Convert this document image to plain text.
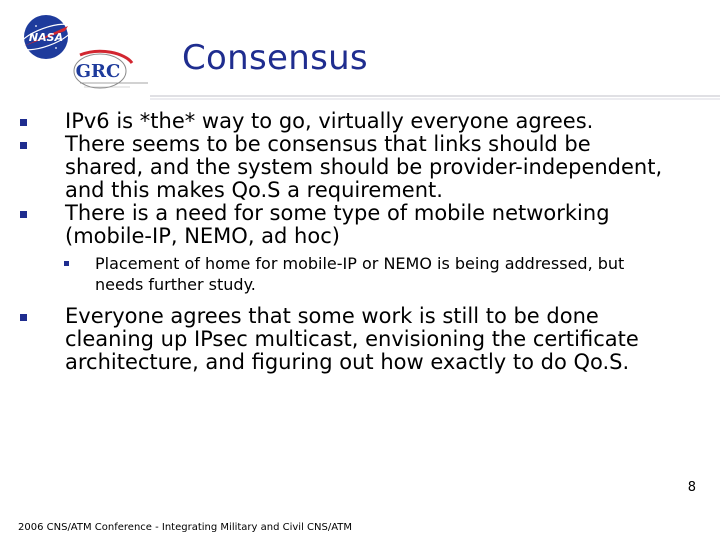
NASA
GRC Consensus
IPv6 is *the* way to go, virtually everyone agrees.
There seems to be consensus that links should be shared, and the system should be provider-independent, and this makes Qo.S a requirement.
There is a need for some type of mobile networking (mobile-IP, NEMO, ad hoc)
Placement of home for mobile-IP or NEMO is being addressed, but needs further study.
Everyone agrees that some work is still to be done cleaning up IPsec multicast, envisioning the certificate architecture, and figuring out how exactly to do Qo.S.
8
2006 CNS/ATM Conference - Integrating Military and Civil CNS/ATM
